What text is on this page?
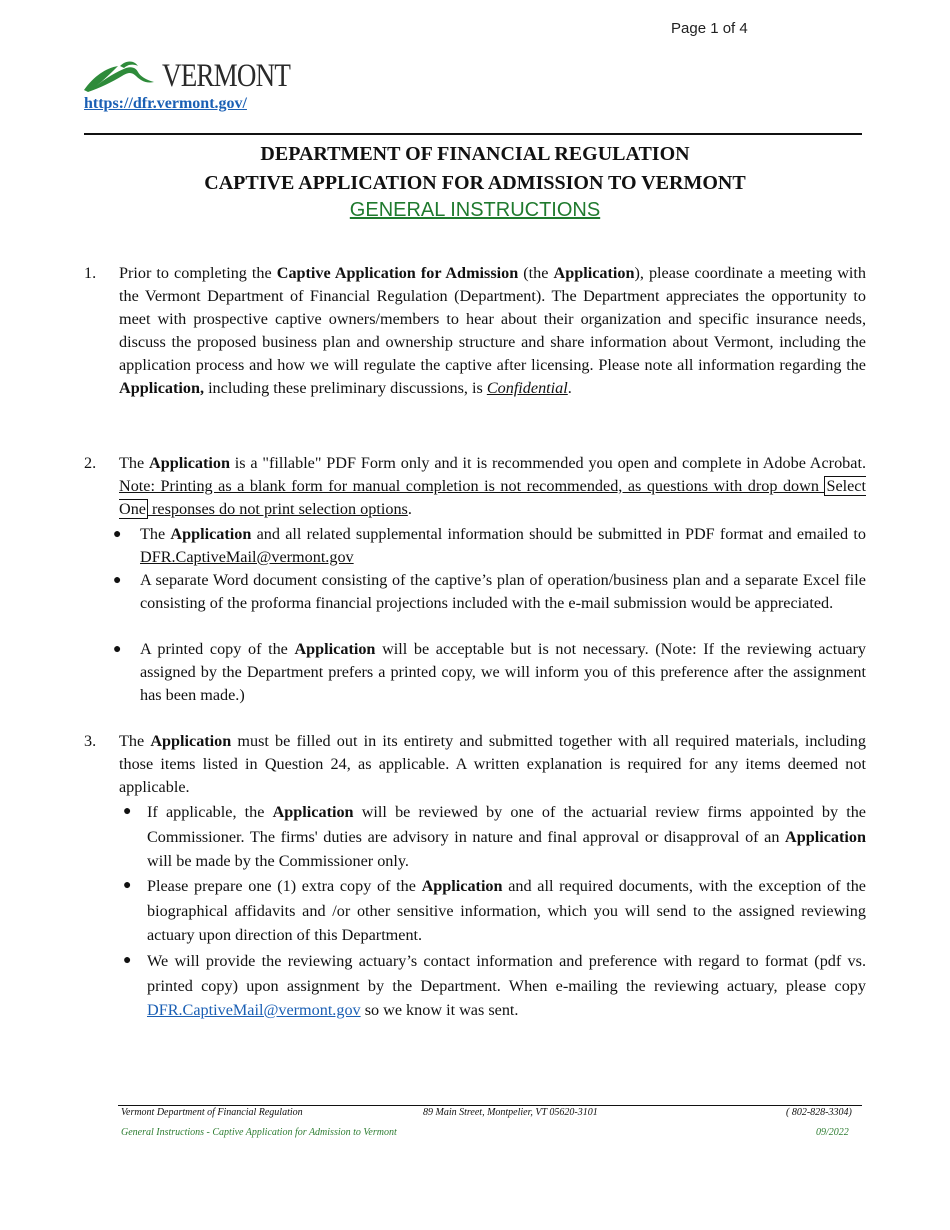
Page 1 of 4
VERMONT
https://dfr.vermont.gov/
DEPARTMENT OF FINANCIAL REGULATION
CAPTIVE APPLICATION FOR ADMISSION TO VERMONT
GENERAL INSTRUCTIONS
1. Prior to completing the Captive Application for Admission (the Application), please coordinate a meeting with the Vermont Department of Financial Regulation (Department). The Department appreciates the opportunity to meet with prospective captive owners/members to hear about their organization and specific insurance needs, discuss the proposed business plan and ownership structure and share information about Vermont, including the application process and how we will regulate the captive after licensing. Please note all information regarding the Application, including these preliminary discussions, is Confidential.
2. The Application is a "fillable" PDF Form only and it is recommended you open and complete in Adobe Acrobat. Note: Printing as a blank form for manual completion is not recommended, as questions with drop down Select One responses do not print selection options.
● The Application and all related supplemental information should be submitted in PDF format and emailed to DFR.CaptiveMail@vermont.gov
● A separate Word document consisting of the captive’s plan of operation/business plan and a separate Excel file consisting of the proforma financial projections included with the e-mail submission would be appreciated.
● A printed copy of the Application will be acceptable but is not necessary. (Note: If the reviewing actuary assigned by the Department prefers a printed copy, we will inform you of this preference after the assignment has been made.)
3. The Application must be filled out in its entirety and submitted together with all required materials, including those items listed in Question 24, as applicable. A written explanation is required for any items deemed not applicable.
● If applicable, the Application will be reviewed by one of the actuarial review firms appointed by the Commissioner. The firms' duties are advisory in nature and final approval or disapproval of an Application will be made by the Commissioner only.
● Please prepare one (1) extra copy of the Application and all required documents, with the exception of the biographical affidavits and /or other sensitive information, which you will send to the assigned reviewing actuary upon direction of this Department.
● We will provide the reviewing actuary’s contact information and preference with regard to format (pdf vs. printed copy) upon assignment by the Department. When e-mailing the reviewing actuary, please copy DFR.CaptiveMail@vermont.gov so we know it was sent.
Vermont Department of Financial Regulation	89 Main Street, Montpelier, VT 05620-3101	( 802-828-3304)
General Instructions - Captive Application for Admission to Vermont	09/2022
